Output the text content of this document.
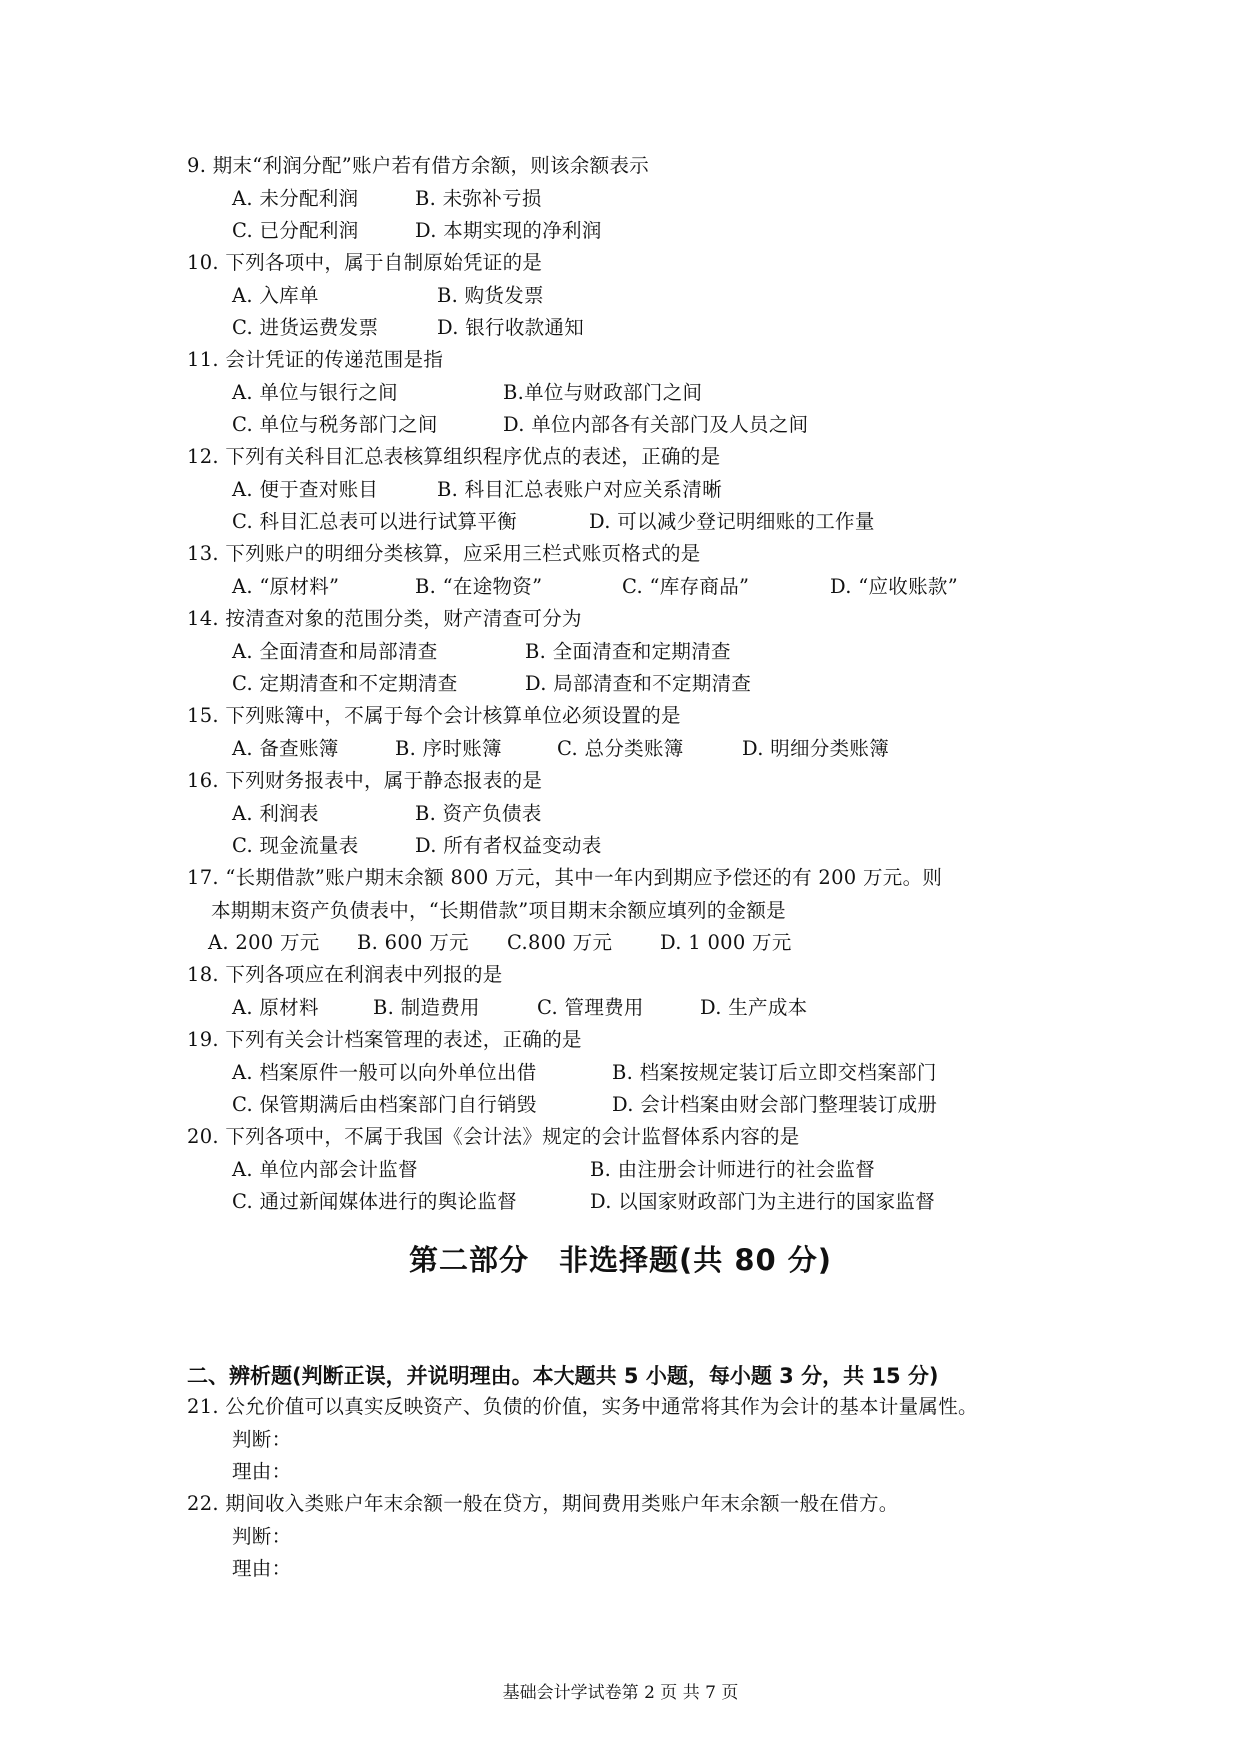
9. 期末“利润分配”账户若有借方余额，则该余额表示
A. 未分配利润	B. 未弥补亏损
C. 已分配利润	D. 本期实现的净利润
10. 下列各项中，属于自制原始凭证的是
A. 入库单	B. 购货发票
C. 进货运费发票	D. 银行收款通知
11. 会计凭证的传递范围是指
A. 单位与银行之间	B.单位与财政部门之间
C. 单位与税务部门之间	D. 单位内部各有关部门及人员之间
12. 下列有关科目汇总表核算组织程序优点的表述，正确的是
A. 便于查对账目	B. 科目汇总表账户对应关系清晰
C. 科目汇总表可以进行试算平衡	D. 可以减少登记明细账的工作量
13. 下列账户的明细分类核算，应采用三栏式账页格式的是
A. “原材料”	B. “在途物资”	C. “库存商品”	D. “应收账款”
14. 按清查对象的范围分类，财产清查可分为
A. 全面清查和局部清查	B. 全面清查和定期清查
C. 定期清查和不定期清查	D. 局部清查和不定期清查
15. 下列账簿中，不属于每个会计核算单位必须设置的是
A. 备查账簿	B. 序时账簿	C. 总分类账簿	D. 明细分类账簿
16. 下列财务报表中，属于静态报表的是
A. 利润表	B. 资产负债表
C. 现金流量表	D. 所有者权益变动表
17. “长期借款”账户期末余额 800 万元，其中一年内到期应予偿还的有 200 万元。则
本期期末资产负债表中，“长期借款”项目期末余额应填列的金额是
A. 200 万元 B. 600 万元 C.800 万元 D. 1 000 万元
18. 下列各项应在利润表中列报的是
A. 原材料	B. 制造费用	C. 管理费用	D. 生产成本
19. 下列有关会计档案管理的表述，正确的是
A. 档案原件一般可以向外单位出借	B. 档案按规定装订后立即交档案部门
C. 保管期满后由档案部门自行销毁	D. 会计档案由财会部门整理装订成册
20. 下列各项中，不属于我国《会计法》规定的会计监督体系内容的是
A. 单位内部会计监督	B. 由注册会计师进行的社会监督
C. 通过新闻媒体进行的舆论监督	D. 以国家财政部门为主进行的国家监督
第二部分　非选择题(共 80 分)
二、辨析题(判断正误，并说明理由。本大题共 5 小题，每小题 3 分，共 15 分)
21. 公允价值可以真实反映资产、负债的价值，实务中通常将其作为会计的基本计量属性。
判断：
理由：
22. 期间收入类账户年末余额一般在贷方，期间费用类账户年末余额一般在借方。
判断：
理由：
基础会计学试卷第 2 页 共 7 页
